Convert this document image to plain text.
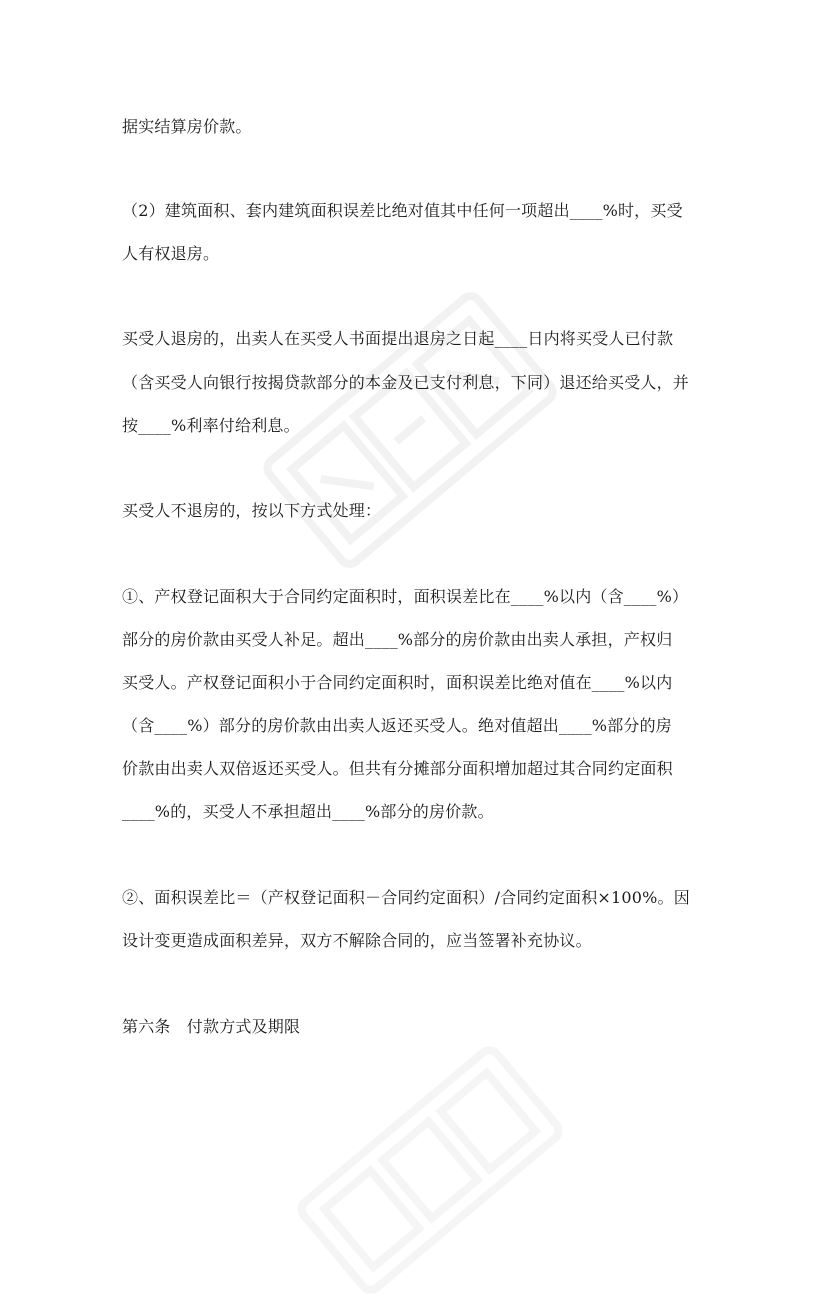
据实结算房价款。
（2）建筑面积、套内建筑面积误差比绝对值其中任何一项超出____%时，买受
人有权退房。
买受人退房的，出卖人在买受人书面提出退房之日起____日内将买受人已付款
（含买受人向银行按揭贷款部分的本金及已支付利息，下同）退还给买受人，并
按____%利率付给利息。
买受人不退房的，按以下方式处理：
①、产权登记面积大于合同约定面积时，面积误差比在____%以内（含____%）
部分的房价款由买受人补足。超出____%部分的房价款由出卖人承担，产权归
买受人。产权登记面积小于合同约定面积时，面积误差比绝对值在____%以内
（含____%）部分的房价款由出卖人返还买受人。绝对值超出____%部分的房
价款由出卖人双倍返还买受人。但共有分摊部分面积增加超过其合同约定面积
____%的，买受人不承担超出____%部分的房价款。
②、面积误差比＝（产权登记面积－合同约定面积）/合同约定面积×100%。因
设计变更造成面积差异，双方不解除合同的，应当签署补充协议。
第六条　付款方式及期限
